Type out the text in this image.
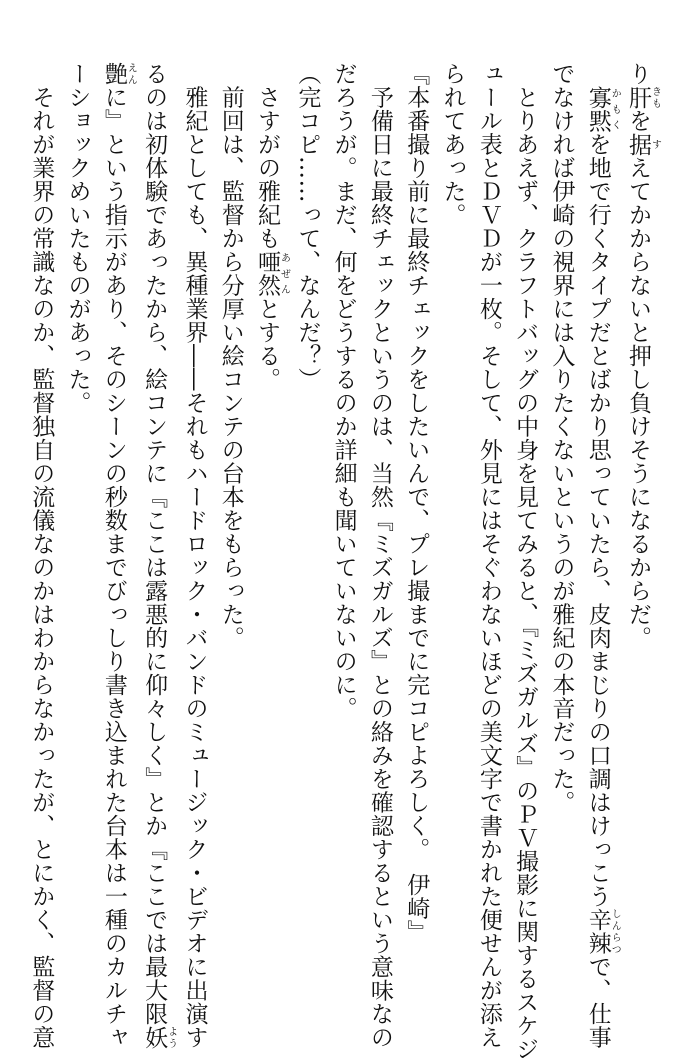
り肝きもを据すえてかからないと押し負けそうになるからだ。
　寡黙かもくを地で行くタイプだとばかり思っていたら、皮肉まじりの口調はけっこう辛辣しんらつで、仕事
でなければ伊崎の視界には入りたくないというのが雅紀の本音だった。
　とりあえず、クラフトバッグの中身を見てみると、『ミズガルズ』のＰＶ撮影に関するスケジ
ュール表とＤＶＤが一枚。そして、外見にはそぐわないほどの美文字で書かれた便せんが添え
られてあった。
『本番撮り前に最終チェックをしたいんで、プレ撮までに完コピよろしく。　伊崎』
　予備日に最終チェックというのは、当然『ミズガルズ』との絡みを確認するという意味なの
だろうが。まだ、何をどうするのか詳細も聞いていないのに。
（完コピ……って、なんだ？）
　さすがの雅紀も唖然あぜんとする。
　前回は、監督から分厚い絵コンテの台本をもらった。
　雅紀としても、異種業界――それもハードロック・バンドのミュージック・ビデオに出演す
るのは初体験であったから、絵コンテに『ここは露悪的に仰々しく』とか『ここでは最大限妖よう
艶えんに』という指示があり、そのシーンの秒数までびっしり書き込まれた台本は一種のカルチャ
ーショックめいたものがあった。
　それが業界の常識なのか、監督独自の流儀なのかはわからなかったが、とにかく、監督の意
